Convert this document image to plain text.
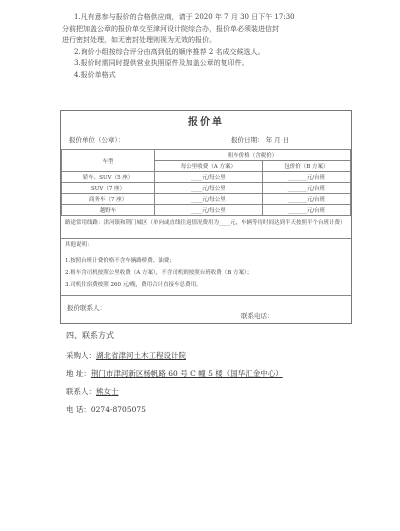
1.凡有意参与报价的合格供应商，请于 2020 年 7 月 30 日下午 17:30

分前把加盖公章的报价单交至津河设计院综合办，报价单必须装进信封

进行密封处理，如无密封处理则视为无效的报价。

2.询价小组按综合评分由高到低的顺序推荐 2 名成交候选人。

3.报价时需同时提供营业执照原件及加盖公章的复印件。

4.报价单格式

报价单
报价单位（公章）：	报价日期： 年 月 日
车型	租车价格（含税价）	
	每公里收费（A 方案）	包价价（B 方案）
轿车、SUV（5 座）	____元/每公里	_______元/台班
SUV（7 座）	____元/每公里	_______元/台班
商务车（7 座）	____元/每公里	_______元/台班
越野车	____元/每公里	_______元/台班
路途常用线路：津河镇和荆门城区（单向或直线往返情况费用为____元，车辆等待时间达到半天按照半个台班计费）
其他说明：
1.按照台班计费价格不含车辆路桥费、油费；
2.租车含司机按照公里收费（A 方案），不含司机则按照台班收费（B 方案）；
3.司机住宿费按照 260 元/晚，费用合计直接车总费用。
报价联系人：
联系电话：
四、联系方式
采购人：湖北省津河土木工程设计院
地 址：荆门市津河新区杨帆路 60 号 C 幢 5 楼（国华汇金中心）
联系人：熊女士
电 话：0274-8705075
